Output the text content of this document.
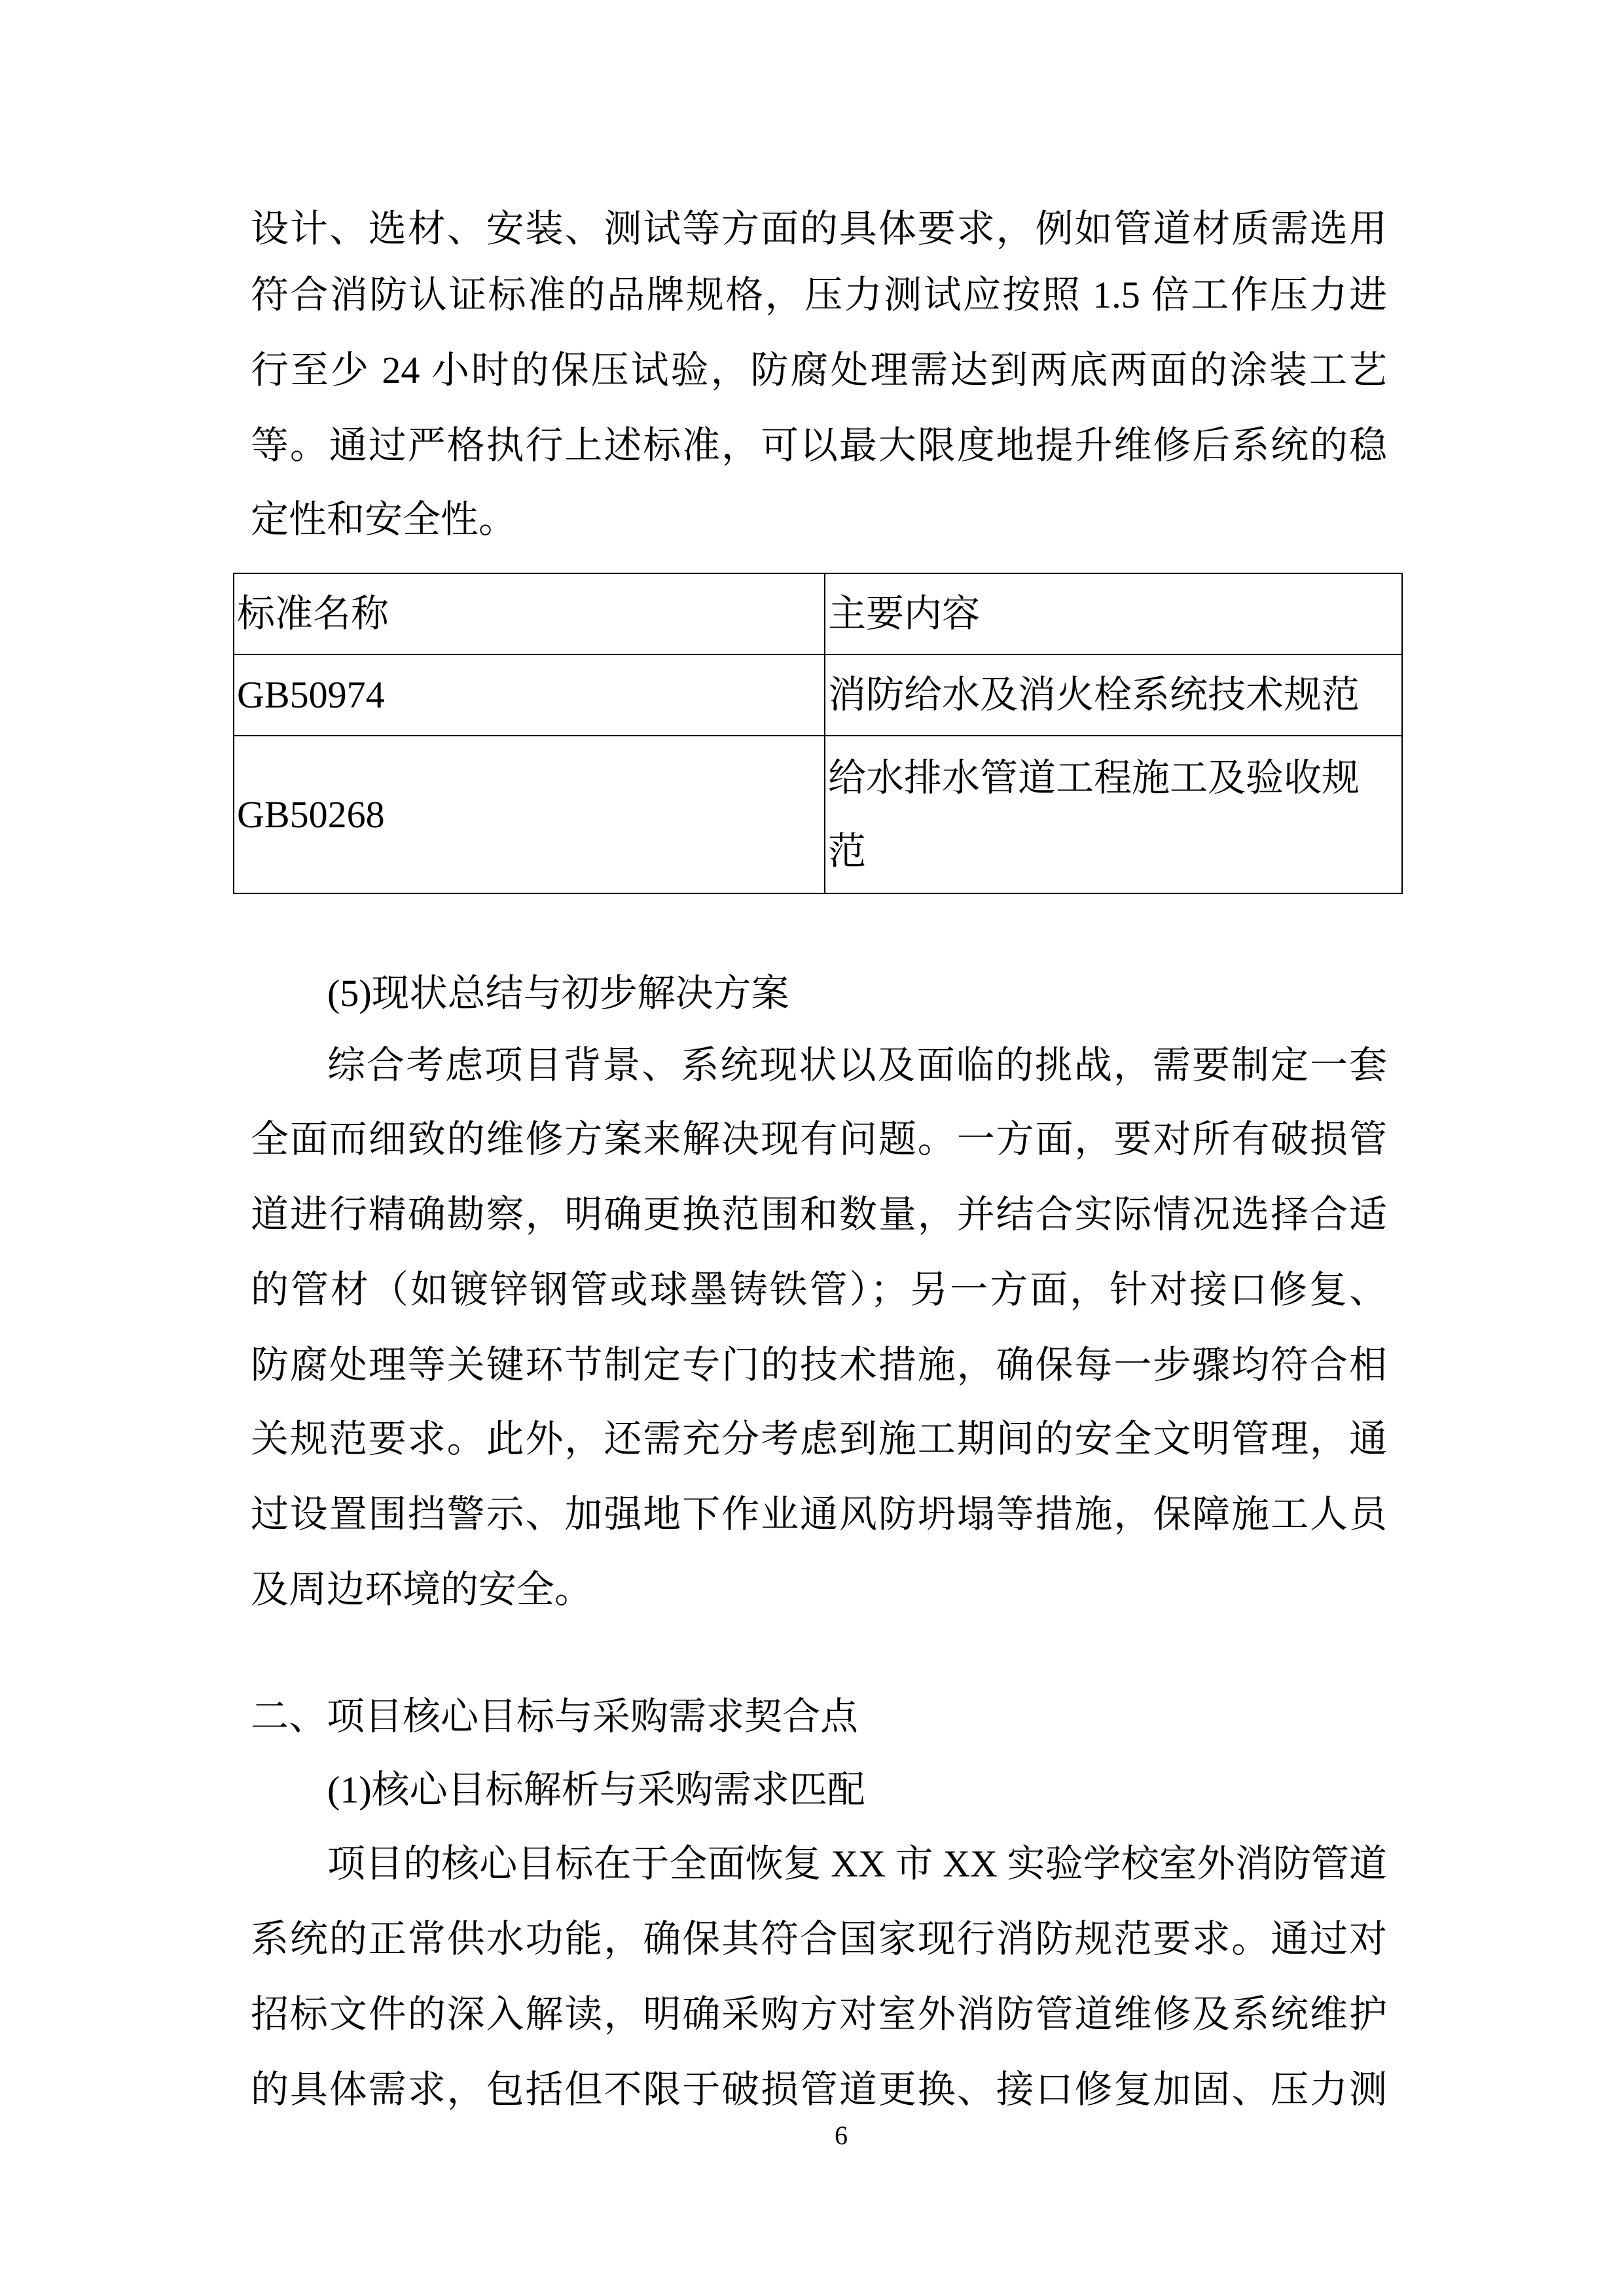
设计、选材、安装、测试等方面的具体要求，例如管道材质需选用
符合消防认证标准的品牌规格，压力测试应按照 1.5 倍工作压力进
行至少 24 小时的保压试验，防腐处理需达到两底两面的涂装工艺
等。通过严格执行上述标准，可以最大限度地提升维修后系统的稳
定性和安全性。
标准名称	主要内容
GB50974	消防给水及消火栓系统技术规范
GB50268	给水排水管道工程施工及验收规
范
(5)现状总结与初步解决方案
综合考虑项目背景、系统现状以及面临的挑战，需要制定一套
全面而细致的维修方案来解决现有问题。一方面，要对所有破损管
道进行精确勘察，明确更换范围和数量，并结合实际情况选择合适
的管材（如镀锌钢管或球墨铸铁管）；另一方面，针对接口修复、
防腐处理等关键环节制定专门的技术措施，确保每一步骤均符合相
关规范要求。此外，还需充分考虑到施工期间的安全文明管理，通
过设置围挡警示、加强地下作业通风防坍塌等措施，保障施工人员
及周边环境的安全。
二、项目核心目标与采购需求契合点
(1)核心目标解析与采购需求匹配
项目的核心目标在于全面恢复 XX 市 XX 实验学校室外消防管道
系统的正常供水功能，确保其符合国家现行消防规范要求。通过对
招标文件的深入解读，明确采购方对室外消防管道维修及系统维护
的具体需求，包括但不限于破损管道更换、接口修复加固、压力测
6
